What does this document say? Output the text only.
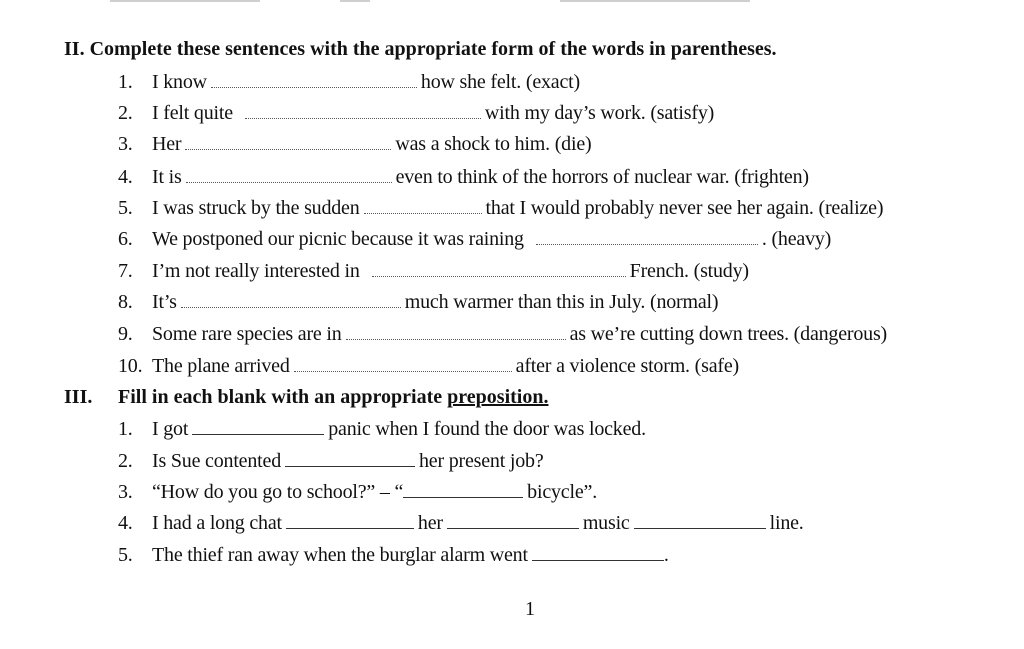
II. Complete these sentences with the appropriate form of the words in parentheses.
1. I know	how she felt. (exact)
2. I felt quite	with my day’s work. (satisfy)
3. Her	was a shock to him. (die)
4. It is	even to think of the horrors of nuclear war. (frighten)
5. I was struck by the sudden	that I would probably never see her again. (realize)
6. We postponed our picnic because it was raining	. (heavy)
7. I’m not really interested in	French. (study)
8. It’s	much warmer than this in July. (normal)
9. Some rare species are in	as we’re cutting down trees. (dangerous)
10. The plane arrived	after a violence storm. (safe)
III. Fill in each blank with an appropriate preposition.
1. I got	panic when I found the door was locked.
2. Is Sue contented	her present job?
3. “How do you go to school?” – “	bicycle”.
4. I had a long chat	her	music	line.
5. The thief ran away when the burglar alarm went	.
1
